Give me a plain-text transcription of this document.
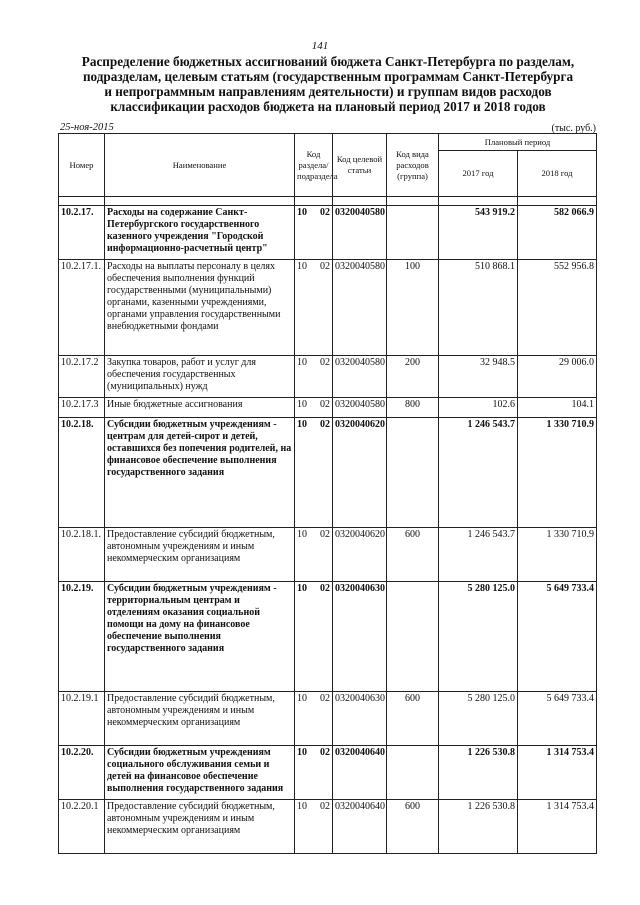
141
Распределение бюджетных ассигнований бюджета Санкт-Петербурга по разделам, подразделам, целевым статьям (государственным программам Санкт-Петербурга и непрограммным направлениям деятельности) и группам видов расходов классификации расходов бюджета на плановый период 2017 и 2018 годов
25-ноя-2015	(тыс. руб.)
Номер	Наименование	Код раздела/ подраздела	Код целевой статьи	Код вида расходов (группа)	Плановый период	
					2017 год	2018 год

10.2.17.	Расходы на содержание Санкт-Петербургского государственного казенного учреждения "Городской информационно-расчетный центр"	10 02	0320040580		543 919.2	582 066.9
10.2.17.1.	Расходы на выплаты персоналу в целях обеспечения выполнения функций государственными (муниципальными) органами, казенными учреждениями, органами управления государственными внебюджетными фондами	10 02	0320040580	100	510 868.1	552 956.8
10.2.17.2	Закупка товаров, работ и услуг для обеспечения государственных (муниципальных) нужд	10 02	0320040580	200	32 948.5	29 006.0
10.2.17.3	Иные бюджетные ассигнования	10 02	0320040580	800	102.6	104.1
10.2.18.	Субсидии бюджетным учреждениям - центрам для детей-сирот и детей, оставшихся без попечения родителей, на финансовое обеспечение выполнения государственного задания	10 02	0320040620		1 246 543.7	1 330 710.9
10.2.18.1.	Предоставление субсидий бюджетным, автономным учреждениям и иным некоммерческим организациям	10 02	0320040620	600	1 246 543.7	1 330 710.9
10.2.19.	Субсидии бюджетным учреждениям - территориальным центрам и отделениям оказания социальной помощи на дому на финансовое обеспечение выполнения государственного задания	10 02	0320040630		5 280 125.0	5 649 733.4
10.2.19.1	Предоставление субсидий бюджетным, автономным учреждениям и иным некоммерческим организациям	10 02	0320040630	600	5 280 125.0	5 649 733.4
10.2.20.	Субсидии бюджетным учреждениям социального обслуживания семьи и детей на финансовое обеспечение выполнения государственного задания	10 02	0320040640		1 226 530.8	1 314 753.4
10.2.20.1	Предоставление субсидий бюджетным, автономным учреждениям и иным некоммерческим организациям	10 02	0320040640	600	1 226 530.8	1 314 753.4
